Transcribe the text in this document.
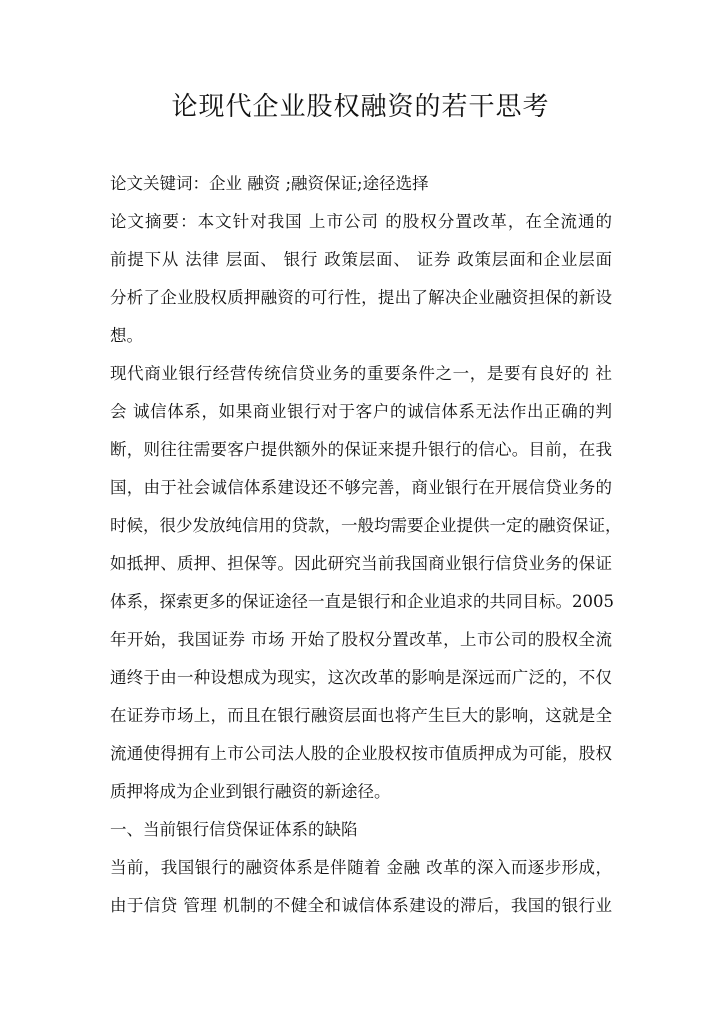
论现代企业股权融资的若干思考
论文关键词：企业 融资 ;融资保证;途径选择
论文摘要：本文针对我国 上市公司 的股权分置改革，在全流通的
前提下从 法律 层面、 银行 政策层面、 证券 政策层面和企业层面
分析了企业股权质押融资的可行性，提出了解决企业融资担保的新设
想。
现代商业银行经营传统信贷业务的重要条件之一，是要有良好的 社
会 诚信体系，如果商业银行对于客户的诚信体系无法作出正确的判
断，则往往需要客户提供额外的保证来提升银行的信心。目前，在我
国，由于社会诚信体系建设还不够完善，商业银行在开展信贷业务的
时候，很少发放纯信用的贷款，一般均需要企业提供一定的融资保证，
如抵押、质押、担保等。因此研究当前我国商业银行信贷业务的保证
体系，探索更多的保证途径一直是银行和企业追求的共同目标。2005
年开始，我国证券 市场 开始了股权分置改革，上市公司的股权全流
通终于由一种设想成为现实，这次改革的影响是深远而广泛的，不仅
在证券市场上，而且在银行融资层面也将产生巨大的影响，这就是全
流通使得拥有上市公司法人股的企业股权按市值质押成为可能，股权
质押将成为企业到银行融资的新途径。
一、当前银行信贷保证体系的缺陷
当前，我国银行的融资体系是伴随着 金融 改革的深入而逐步形成，
由于信贷 管理 机制的不健全和诚信体系建设的滞后，我国的银行业
